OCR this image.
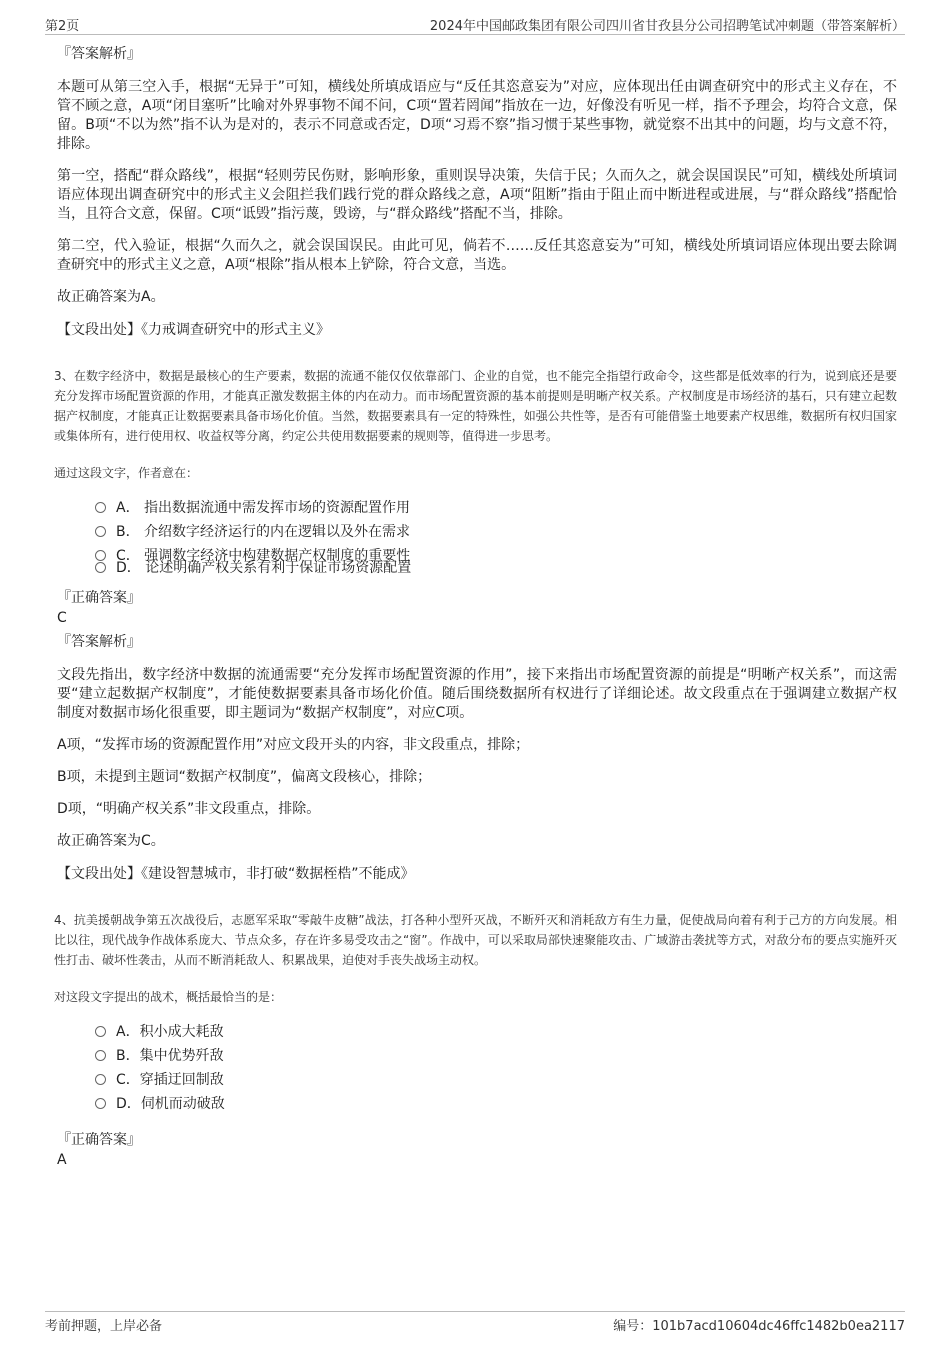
第2页	2024年中国邮政集团有限公司四川省甘孜县分公司招聘笔试冲刺题（带答案解析）

『答案解析』

本题可从第三空入手，根据“无异于”可知，横线处所填成语应与“反任其恣意妄为”对应，应体现出任由调查研究中的形式主义存在，不管不顾之意，A项“闭目塞听”比喻对外界事物不闻不问，C项“置若罔闻”指放在一边，好像没有听见一样，指不予理会，均符合文意，保留。B项“不以为然”指不认为是对的，表示不同意或否定，D项“习焉不察”指习惯于某些事物，就觉察不出其中的问题，均与文意不符，排除。

第一空，搭配“群众路线”，根据“轻则劳民伤财，影响形象，重则误导决策，失信于民；久而久之，就会误国误民”可知，横线处所填词语应体现出调查研究中的形式主义会阻拦我们践行党的群众路线之意，A项“阻断”指由于阻止而中断进程或进展，与“群众路线”搭配恰当，且符合文意，保留。C项“诋毁”指污蔑，毁谤，与“群众路线”搭配不当，排除。

第二空，代入验证，根据“久而久之，就会误国误民。由此可见，倘若不……反任其恣意妄为”可知，横线处所填词语应体现出要去除调查研究中的形式主义之意，A项“根除”指从根本上铲除，符合文意，当选。

故正确答案为A。

【文段出处】《力戒调查研究中的形式主义》

3、在数字经济中，数据是最核心的生产要素，数据的流通不能仅仅依靠部门、企业的自觉，也不能完全指望行政命令，这些都是低效率的行为，说到底还是要充分发挥市场配置资源的作用，才能真正激发数据主体的内在动力。而市场配置资源的基本前提则是明晰产权关系。产权制度是市场经济的基石，只有建立起数据产权制度，才能真正让数据要素具备市场化价值。当然，数据要素具有一定的特殊性，如强公共性等，是否有可能借鉴土地要素产权思维，数据所有权归国家或集体所有，进行使用权、收益权等分离，约定公共使用数据要素的规则等，值得进一步思考。

通过这段文字，作者意在：

A． 指出数据流通中需发挥市场的资源配置作用
B． 介绍数字经济运行的内在逻辑以及外在需求
C． 强调数字经济中构建数据产权制度的重要性
D． 论述明确产权关系有利于保证市场资源配置

『正确答案』

C

『答案解析』

文段先指出，数字经济中数据的流通需要“充分发挥市场配置资源的作用”，接下来指出市场配置资源的前提是“明晰产权关系”，而这需要“建立起数据产权制度”，才能使数据要素具备市场化价值。随后围绕数据所有权进行了详细论述。故文段重点在于强调建立数据产权制度对数据市场化很重要，即主题词为“数据产权制度”，对应C项。

A项，“发挥市场的资源配置作用”对应文段开头的内容，非文段重点，排除；

B项，未提到主题词“数据产权制度”，偏离文段核心，排除；

D项，“明确产权关系”非文段重点，排除。

故正确答案为C。

【文段出处】《建设智慧城市，非打破“数据桎梏”不能成》

4、抗美援朝战争第五次战役后，志愿军采取“零敲牛皮糖”战法，打各种小型歼灭战，不断歼灭和消耗敌方有生力量，促使战局向着有利于己方的方向发展。相比以往，现代战争作战体系庞大、节点众多，存在许多易受攻击之“窗”。作战中，可以采取局部快速聚能攻击、广域游击袭扰等方式，对敌分布的要点实施歼灭性打击、破坏性袭击，从而不断消耗敌人、积累战果，迫使对手丧失战场主动权。

对这段文字提出的战术，概括最恰当的是：

A．积小成大耗敌
B．集中优势歼敌
C．穿插迂回制敌
D．伺机而动破敌

『正确答案』

A

考前押题，上岸必备	编号：101b7acd10604dc46ffc1482b0ea2117
